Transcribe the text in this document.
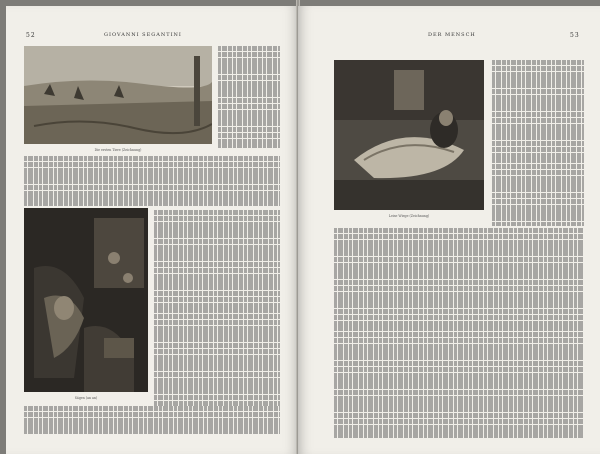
52	GIOVANNI SEGANTINI
Die ersten Tiere (Zeichnung)
Sägen (an an)
DER MENSCH	53
Leise Wiege (Zeichnung)
